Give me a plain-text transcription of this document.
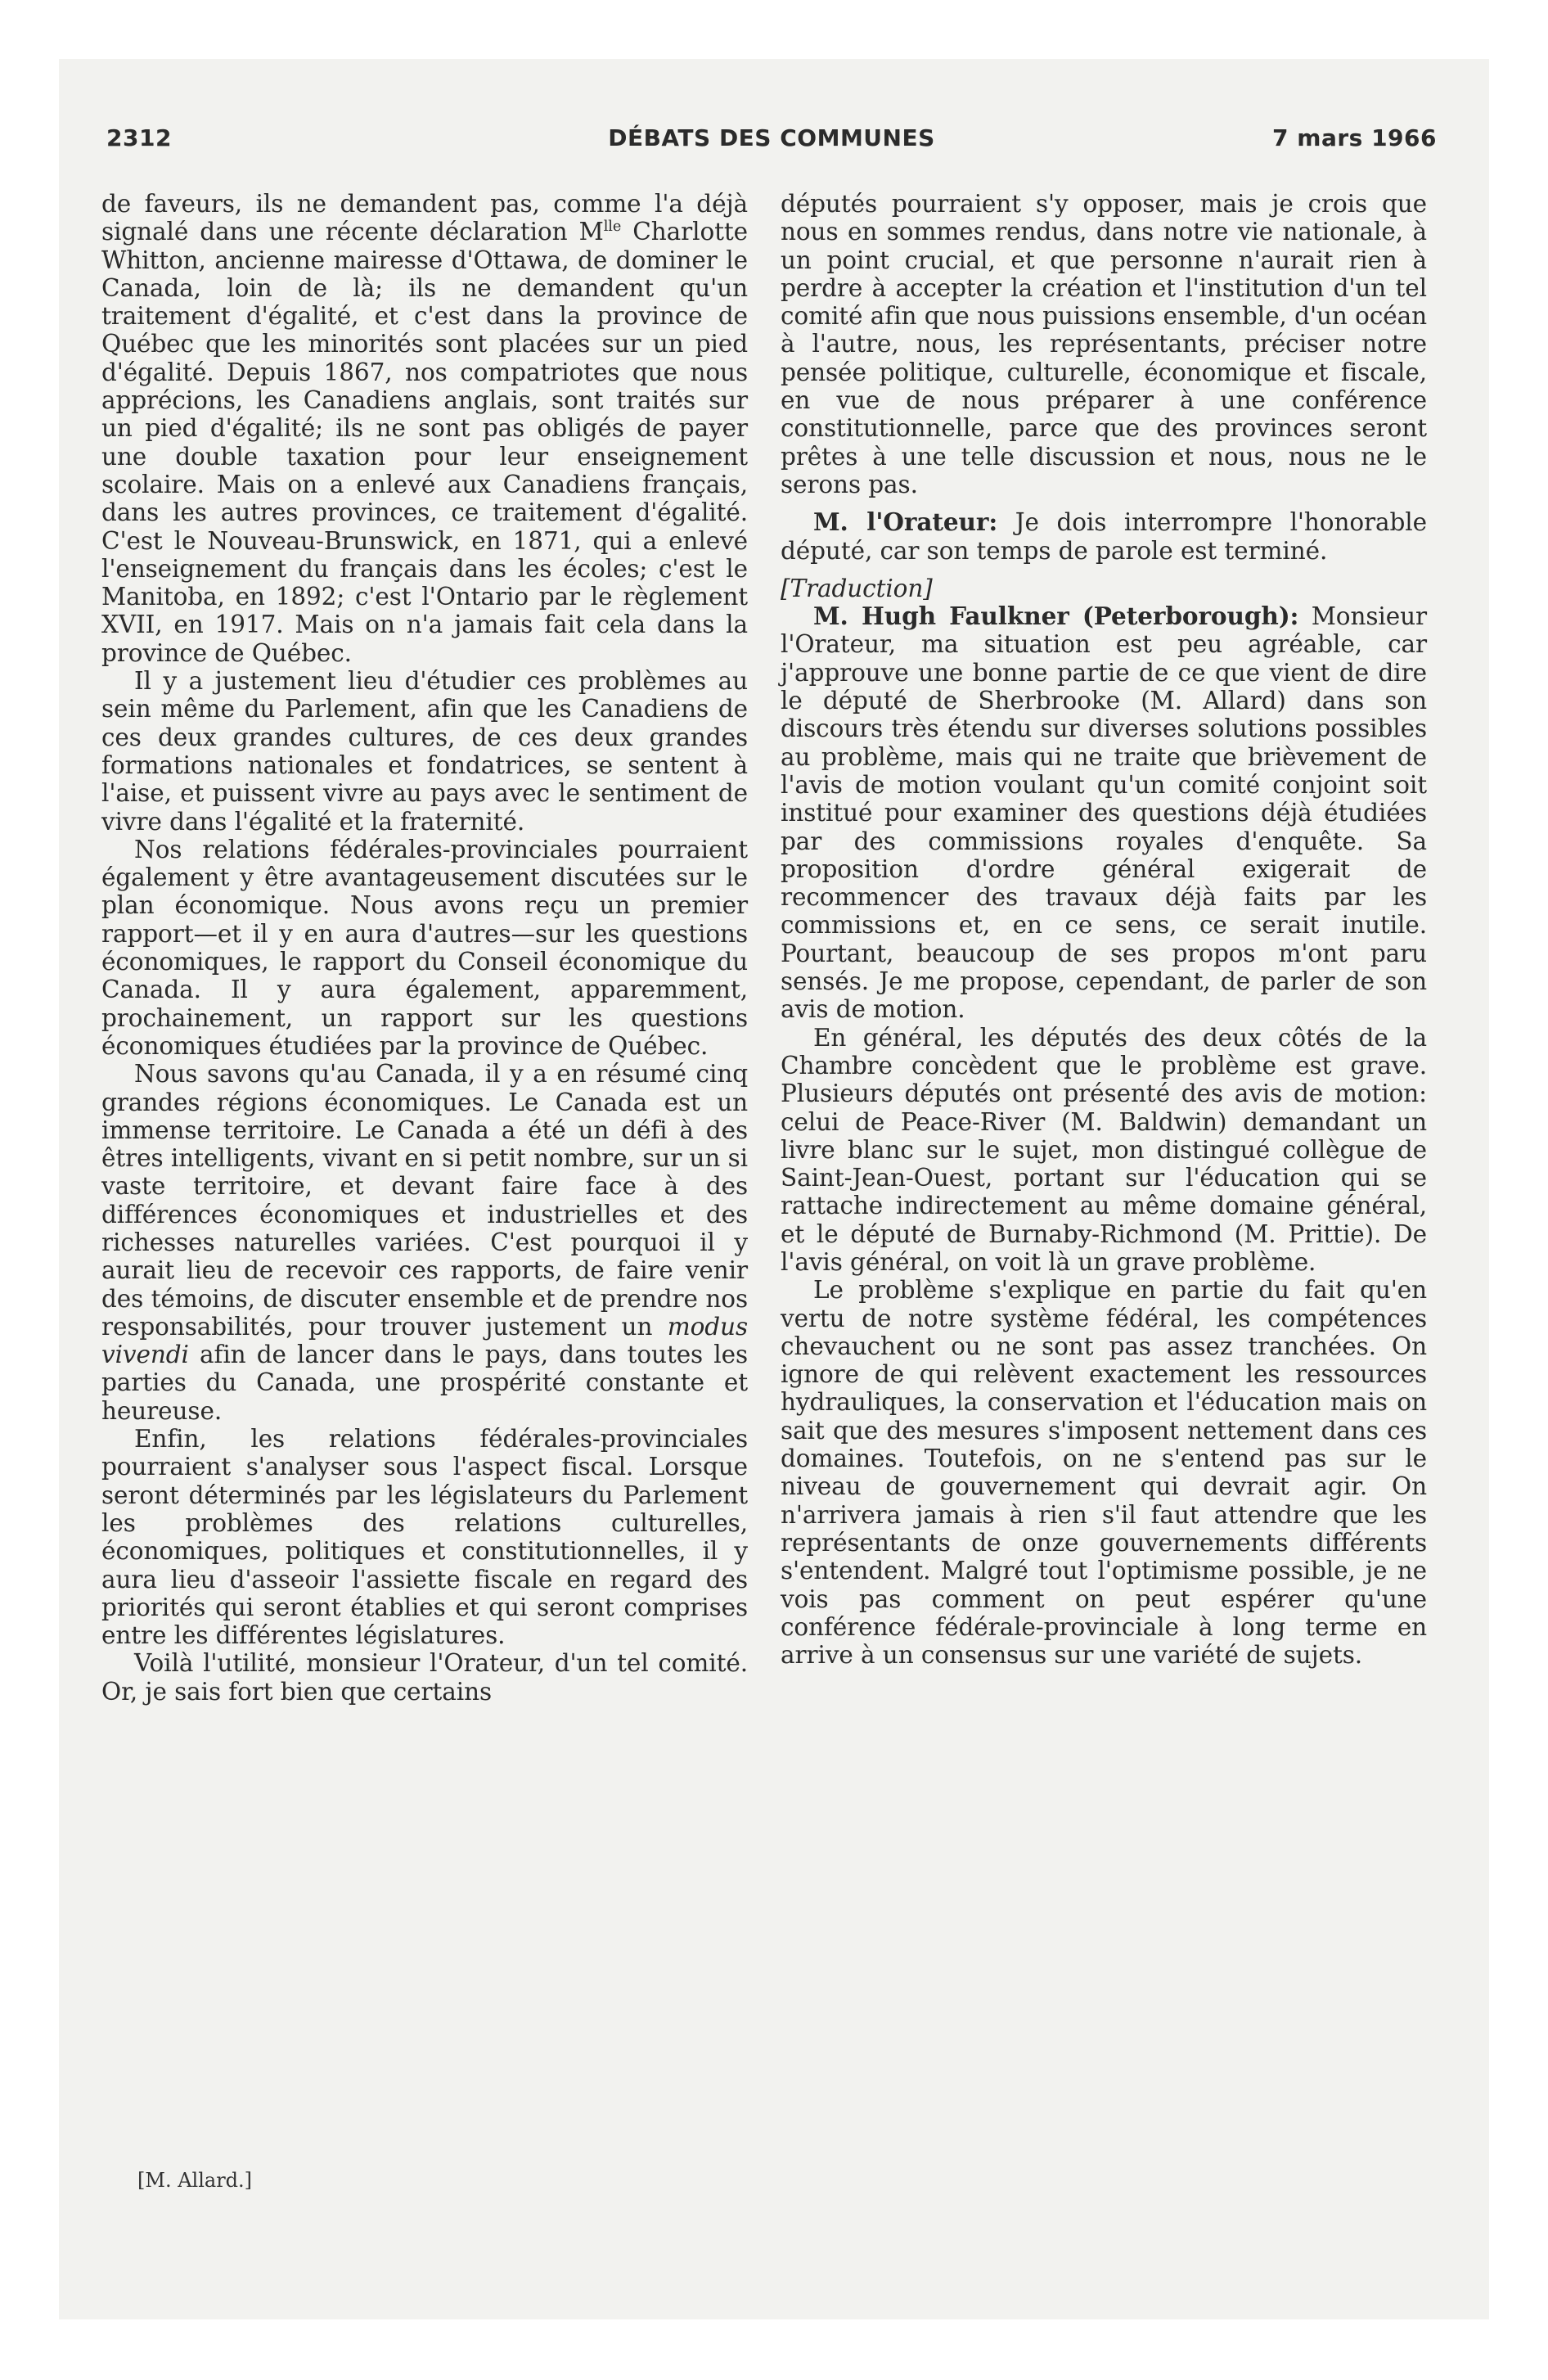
2312	DÉBATS DES COMMUNES	7 mars 1966

de faveurs, ils ne demandent pas, comme l'a déjà signalé dans une récente déclaration $M^{lle}$ Charlotte Whitton, ancienne mairesse d'Ottawa, de dominer le Canada, loin de là; ils ne demandent qu'un traitement d'égalité, et c'est dans la province de Québec que les minorités sont placées sur un pied d'égalité. Depuis 1867, nos compatriotes que nous apprécions, les Canadiens anglais, sont traités sur un pied d'égalité; ils ne sont pas obligés de payer une double taxation pour leur enseignement scolaire. Mais on a enlevé aux Canadiens français, dans les autres provinces, ce traitement d'égalité. C'est le Nouveau-Brunswick, en 1871, qui a enlevé l'enseignement du français dans les écoles; c'est le Manitoba, en 1892; c'est l'Ontario par le règlement XVII, en 1917. Mais on n'a jamais fait cela dans la province de Québec.

Il y a justement lieu d'étudier ces problèmes au sein même du Parlement, afin que les Canadiens de ces deux grandes cultures, de ces deux grandes formations nationales et fondatrices, se sentent à l'aise, et puissent vivre au pays avec le sentiment de vivre dans l'égalité et la fraternité.

Nos relations fédérales-provinciales pourraient également y être avantageusement discutées sur le plan économique. Nous avons reçu un premier rapport—et il y en aura d'autres—sur les questions économiques, le rapport du Conseil économique du Canada. Il y aura également, apparemment, prochainement, un rapport sur les questions économiques étudiées par la province de Québec.

Nous savons qu'au Canada, il y a en résumé cinq grandes régions économiques. Le Canada est un immense territoire. Le Canada a été un défi à des êtres intelligents, vivant en si petit nombre, sur un si vaste territoire, et devant faire face à des différences économiques et industrielles et des richesses naturelles variées. C'est pourquoi il y aurait lieu de recevoir ces rapports, de faire venir des témoins, de discuter ensemble et de prendre nos responsabilités, pour trouver justement un modus vivendi afin de lancer dans le pays, dans toutes les parties du Canada, une prospérité constante et heureuse.

Enfin, les relations fédérales-provinciales pourraient s'analyser sous l'aspect fiscal. Lorsque seront déterminés par les législateurs du Parlement les problèmes des relations culturelles, économiques, politiques et constitutionnelles, il y aura lieu d'asseoir l'assiette fiscale en regard des priorités qui seront établies et qui seront comprises entre les différentes législatures.

Voilà l'utilité, monsieur l'Orateur, d'un tel comité. Or, je sais fort bien que certains

[M. Allard.]

députés pourraient s'y opposer, mais je crois que nous en sommes rendus, dans notre vie nationale, à un point crucial, et que personne n'aurait rien à perdre à accepter la création et l'institution d'un tel comité afin que nous puissions ensemble, d'un océan à l'autre, nous, les représentants, préciser notre pensée politique, culturelle, économique et fiscale, en vue de nous préparer à une conférence constitutionnelle, parce que des provinces seront prêtes à une telle discussion et nous, nous ne le serons pas.

M. l'Orateur: Je dois interrompre l'honorable député, car son temps de parole est terminé.

[Traduction]

M. Hugh Faulkner (Peterborough): Monsieur l'Orateur, ma situation est peu agréable, car j'approuve une bonne partie de ce que vient de dire le député de Sherbrooke (M. Allard) dans son discours très étendu sur diverses solutions possibles au problème, mais qui ne traite que brièvement de l'avis de motion voulant qu'un comité conjoint soit institué pour examiner des questions déjà étudiées par des commissions royales d'enquête. Sa proposition d'ordre général exigerait de recommencer des travaux déjà faits par les commissions et, en ce sens, ce serait inutile. Pourtant, beaucoup de ses propos m'ont paru sensés. Je me propose, cependant, de parler de son avis de motion.

En général, les députés des deux côtés de la Chambre concèdent que le problème est grave. Plusieurs députés ont présenté des avis de motion: celui de Peace-River (M. Baldwin) demandant un livre blanc sur le sujet, mon distingué collègue de Saint-Jean-Ouest, portant sur l'éducation qui se rattache indirectement au même domaine général, et le député de Burnaby-Richmond (M. Prittie). De l'avis général, on voit là un grave problème.

Le problème s'explique en partie du fait qu'en vertu de notre système fédéral, les compétences chevauchent ou ne sont pas assez tranchées. On ignore de qui relèvent exactement les ressources hydrauliques, la conservation et l'éducation mais on sait que des mesures s'imposent nettement dans ces domaines. Toutefois, on ne s'entend pas sur le niveau de gouvernement qui devrait agir. On n'arrivera jamais à rien s'il faut attendre que les représentants de onze gouvernements différents s'entendent. Malgré tout l'optimisme possible, je ne vois pas comment on peut espérer qu'une conférence fédérale-provinciale à long terme en arrive à un consensus sur une variété de sujets.
